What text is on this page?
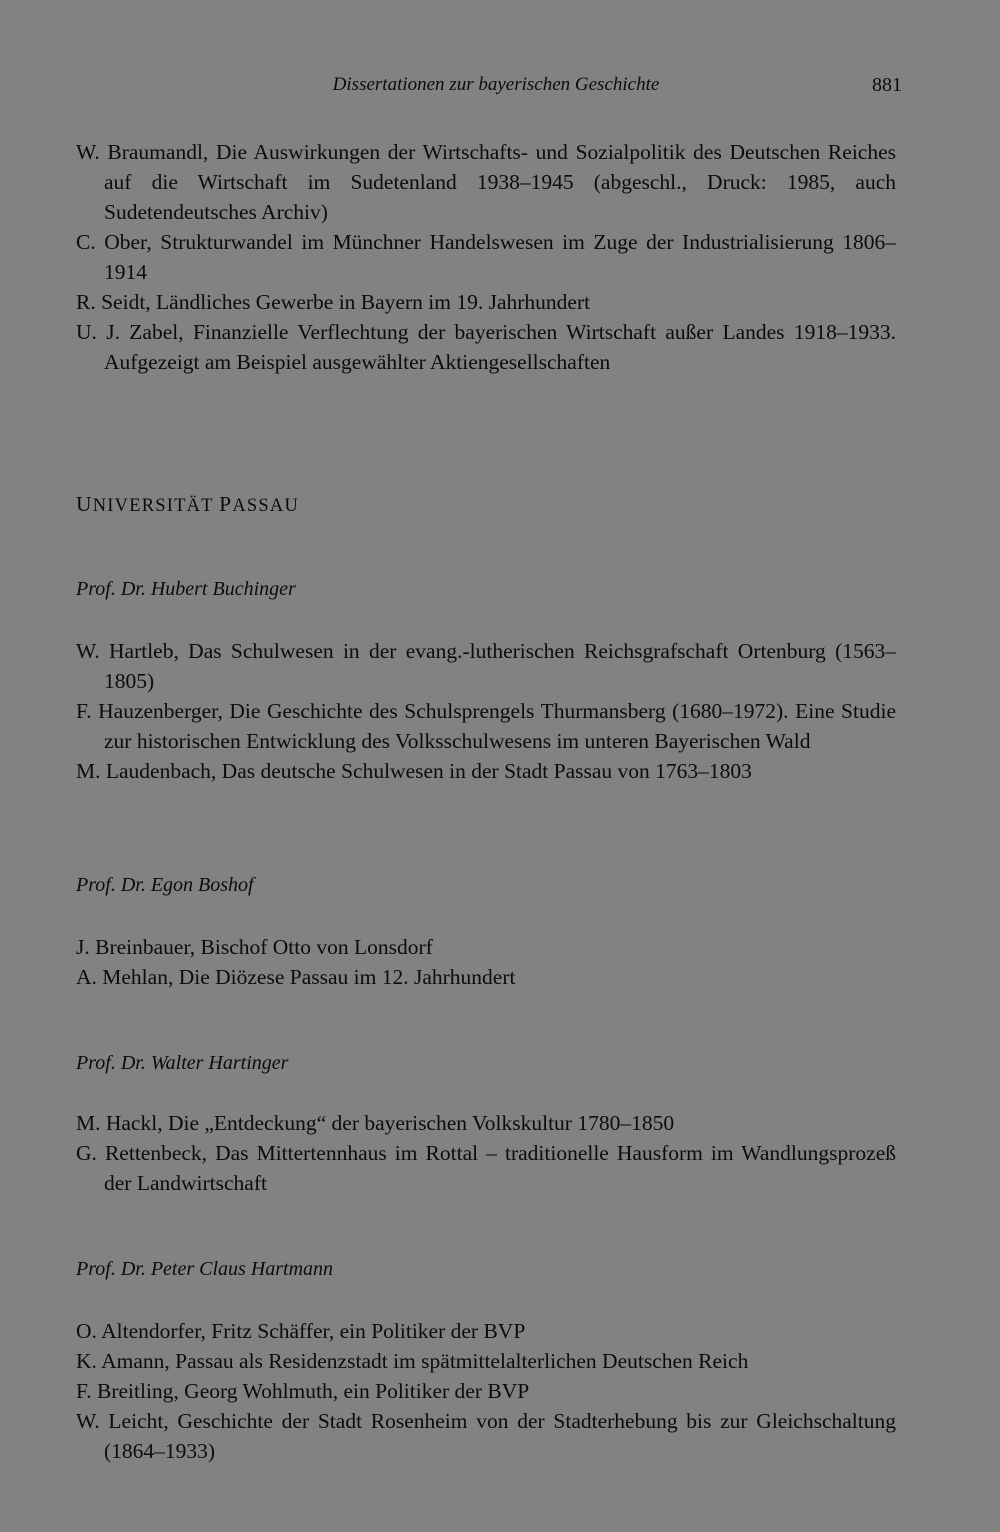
Dissertationen zur bayerischen Geschichte	881
W. Braumandl, Die Auswirkungen der Wirtschafts- und Sozialpolitik des Deutschen Reiches auf die Wirtschaft im Sudetenland 1938–1945 (abgeschl., Druck: 1985, auch Sudetendeutsches Archiv)
C. Ober, Strukturwandel im Münchner Handelswesen im Zuge der Industrialisierung 1806–1914
R. Seidt, Ländliches Gewerbe in Bayern im 19. Jahrhundert
U. J. Zabel, Finanzielle Verflechtung der bayerischen Wirtschaft außer Landes 1918–1933. Aufgezeigt am Beispiel ausgewählter Aktiengesellschaften
UNIVERSITÄT PASSAU
Prof. Dr. Hubert Buchinger
W. Hartleb, Das Schulwesen in der evang.-lutherischen Reichsgrafschaft Ortenburg (1563–1805)
F. Hauzenberger, Die Geschichte des Schulsprengels Thurmansberg (1680–1972). Eine Studie zur historischen Entwicklung des Volksschulwesens im unteren Bayerischen Wald
M. Laudenbach, Das deutsche Schulwesen in der Stadt Passau von 1763–1803
Prof. Dr. Egon Boshof
J. Breinbauer, Bischof Otto von Lonsdorf
A. Mehlan, Die Diözese Passau im 12. Jahrhundert
Prof. Dr. Walter Hartinger
M. Hackl, Die „Entdeckung“ der bayerischen Volkskultur 1780–1850
G. Rettenbeck, Das Mittertennhaus im Rottal – traditionelle Hausform im Wandlungsprozeß der Landwirtschaft
Prof. Dr. Peter Claus Hartmann
O. Altendorfer, Fritz Schäffer, ein Politiker der BVP
K. Amann, Passau als Residenzstadt im spätmittelalterlichen Deutschen Reich
F. Breitling, Georg Wohlmuth, ein Politiker der BVP
W. Leicht, Geschichte der Stadt Rosenheim von der Stadterhebung bis zur Gleichschaltung (1864–1933)
